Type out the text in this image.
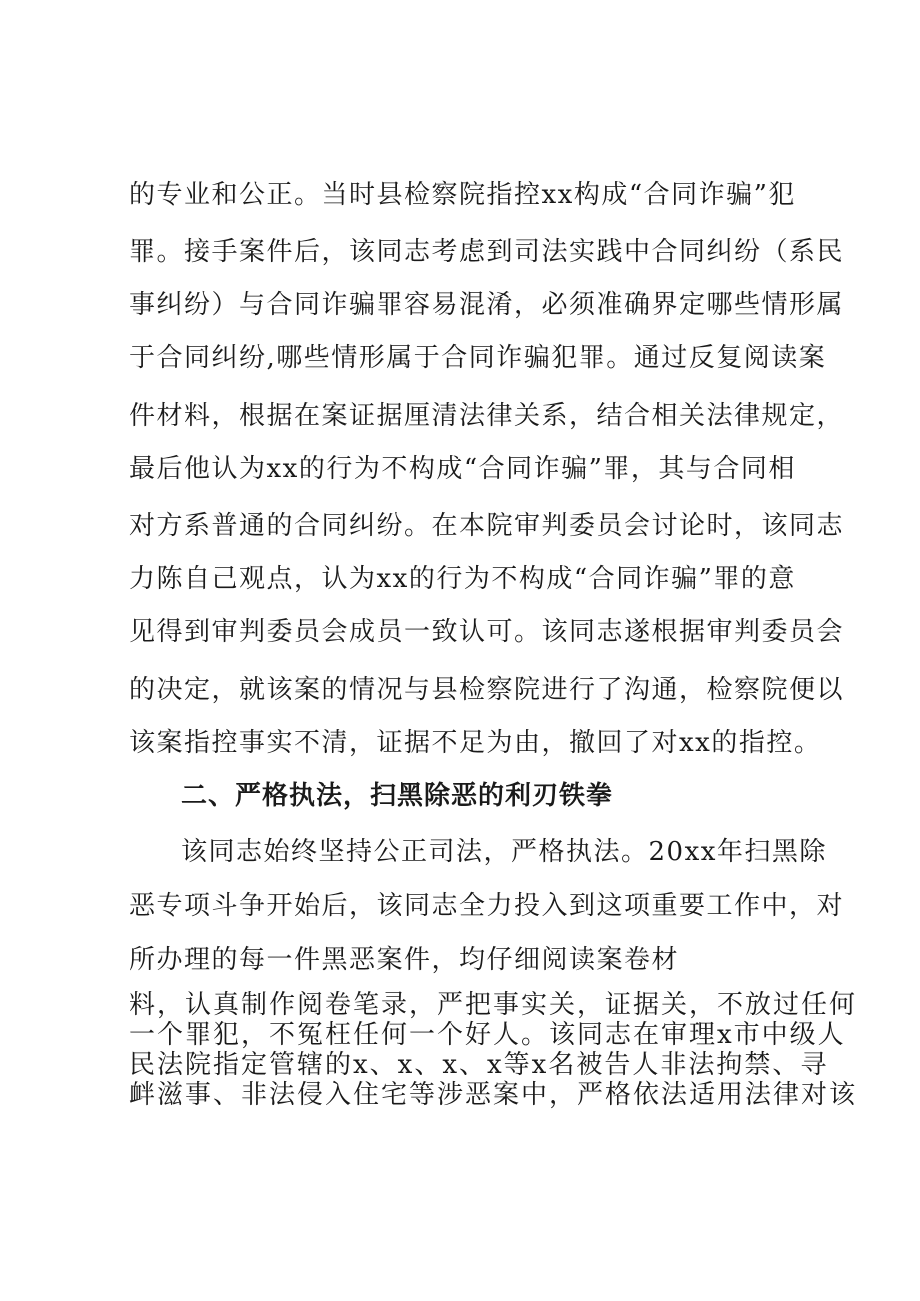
的专业和公正。当时县检察院指控xx构成“合同诈骗”犯

罪。接手案件后，该同志考虑到司法实践中合同纠纷（系民

事纠纷）与合同诈骗罪容易混淆，必须准确界定哪些情形属

于合同纠纷,哪些情形属于合同诈骗犯罪。通过反复阅读案

件材料，根据在案证据厘清法律关系，结合相关法律规定，

最后他认为xx的行为不构成“合同诈骗”罪，其与合同相

对方系普通的合同纠纷。在本院审判委员会讨论时，该同志

力陈自己观点，认为xx的行为不构成“合同诈骗”罪的意

见得到审判委员会成员一致认可。该同志遂根据审判委员会

的决定，就该案的情况与县检察院进行了沟通，检察院便以

该案指控事实不清，证据不足为由，撤回了对xx的指控。

二、严格执法，扫黑除恶的利刃铁拳

该同志始终坚持公正司法，严格执法。20xx年扫黑除

恶专项斗争开始后，该同志全力投入到这项重要工作中，对

所办理的每一件黑恶案件，均仔细阅读案卷材

料，认真制作阅卷笔录，严把事实关，证据关，不放过任何

一个罪犯，不冤枉任何一个好人。该同志在审理x市中级人

民法院指定管辖的x、x、x、x等x名被告人非法拘禁、寻

衅滋事、非法侵入住宅等涉恶案中，严格依法适用法律对该
